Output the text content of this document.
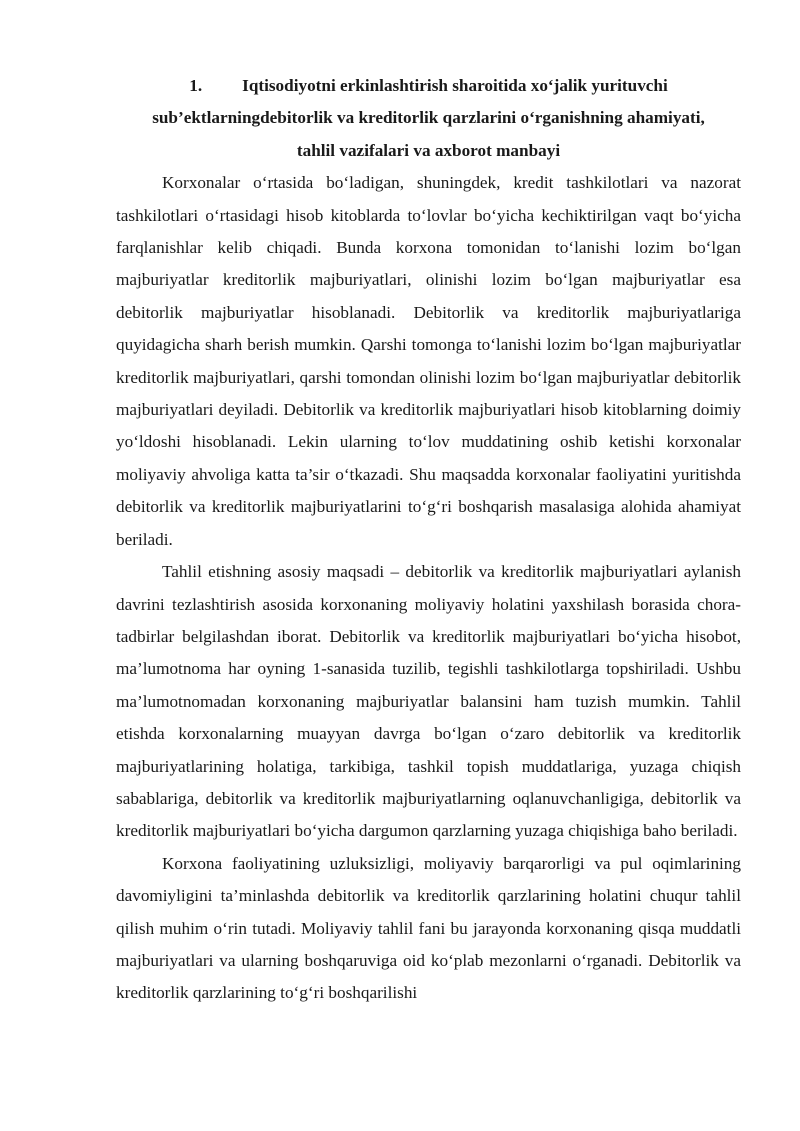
1. Iqtisodiyotni erkinlashtirish sharoitida xo‘jalik yurituvchi
sub’ektlarningdebitorlik va kreditorlik qarzlarini o‘rganishning ahamiyati,
tahlil vazifalari va axborot manbayi

Korxonalar o‘rtasida bo‘ladigan, shuningdek, kredit tashkilotlari va nazorat tashkilotlari o‘rtasidagi hisob kitoblarda to‘lovlar bo‘yicha kechiktirilgan vaqt bo‘yicha farqlanishlar kelib chiqadi. Bunda korxona tomonidan to‘lanishi lozim bo‘lgan majburiyatlar kreditorlik majburiyatlari, olinishi lozim bo‘lgan majburiyatlar esa debitorlik majburiyatlar hisoblanadi. Debitorlik va kreditorlik majburiyatlariga quyidagicha sharh berish mumkin. Qarshi tomonga to‘lanishi lozim bo‘lgan majburiyatlar kreditorlik majburiyatlari, qarshi tomondan olinishi lozim bo‘lgan majburiyatlar debitorlik majburiyatlari deyiladi. Debitorlik va kreditorlik majburiyatlari hisob kitoblarning doimiy yo‘ldoshi hisoblanadi. Lekin ularning to‘lov muddatining oshib ketishi korxonalar moliyaviy ahvoliga katta ta’sir o‘tkazadi. Shu maqsadda korxonalar faoliyatini yuritishda debitorlik va kreditorlik majburiyatlarini to‘g‘ri boshqarish masalasiga alohida ahamiyat beriladi.

Tahlil etishning asosiy maqsadi – debitorlik va kreditorlik majburiyatlari aylanish davrini tezlashtirish asosida korxonaning moliyaviy holatini yaxshilash borasida chora-tadbirlar belgilashdan iborat. Debitorlik va kreditorlik majburiyatlari bo‘yicha hisobot, ma’lumotnoma har oyning 1-sanasida tuzilib, tegishli tashkilotlarga topshiriladi. Ushbu ma’lumotnomadan korxonaning majburiyatlar balansini ham tuzish mumkin. Tahlil etishda korxonalarning muayyan davrga bo‘lgan o‘zaro debitorlik va kreditorlik majburiyatlarining holatiga, tarkibiga, tashkil topish muddatlariga, yuzaga chiqish sabablariga, debitorlik va kreditorlik majburiyatlarning oqlanuvchanligiga, debitorlik va kreditorlik majburiyatlari bo‘yicha dargumon qarzlarning yuzaga chiqishiga baho beriladi.

Korxona faoliyatining uzluksizligi, moliyaviy barqarorligi va pul oqimlarining davomiyligini ta’minlashda debitorlik va kreditorlik qarzlarining holatini chuqur tahlil qilish muhim o‘rin tutadi. Moliyaviy tahlil fani bu jarayonda korxonaning qisqa muddatli majburiyatlari va ularning boshqaruviga oid ko‘plab mezonlarni o‘rganadi. Debitorlik va kreditorlik qarzlarining to‘g‘ri boshqarilishi
